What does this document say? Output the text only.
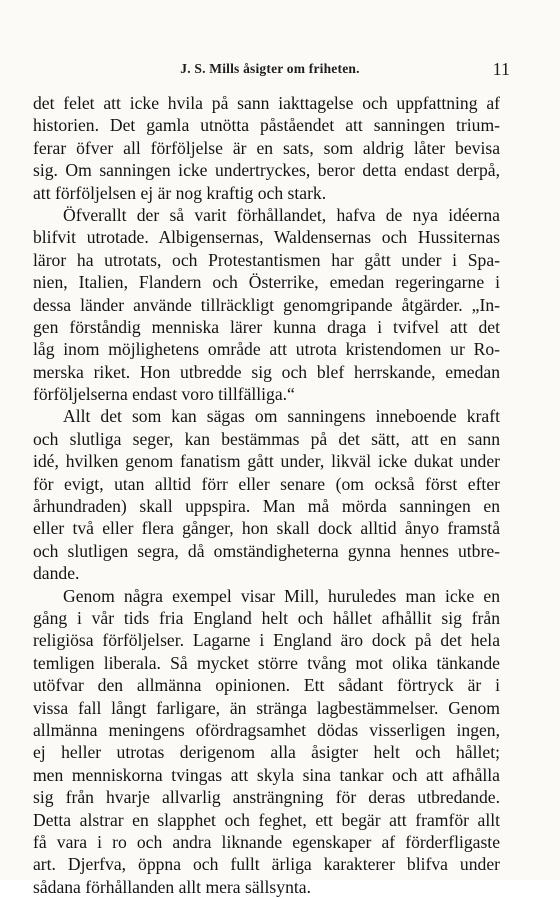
J. S. Mills åsigter om friheten.	11
det felet att icke hvila på sann iakttagelse och uppfattning af
historien. Det gamla utnötta påståendet att sanningen trium-
ferar öfver all förföljelse är en sats, som aldrig låter bevisa
sig. Om sanningen icke undertryckes, beror detta endast derpå,
att förföljelsen ej är nog kraftig och stark.
Öfverallt der så varit förhållandet, hafva de nya idéerna
blifvit utrotade. Albigensernas, Waldensernas och Hussiternas
läror ha utrotats, och Protestantismen har gått under i Spa-
nien, Italien, Flandern och Österrike, emedan regeringarne i
dessa länder använde tillräckligt genomgripande åtgärder. „In-
gen förståndig menniska lärer kunna draga i tvifvel att det
låg inom möjlighetens område att utrota kristendomen ur Ro-
merska riket. Hon utbredde sig och blef herrskande, emedan
förföljelserna endast voro tillfälliga.“
Allt det som kan sägas om sanningens inneboende kraft
och slutliga seger, kan bestämmas på det sätt, att en sann
idé, hvilken genom fanatism gått under, likväl icke dukat under
för evigt, utan alltid förr eller senare (om också först efter
århundraden) skall uppspira. Man må mörda sanningen en
eller två eller flera gånger, hon skall dock alltid ånyo framstå
och slutligen segra, då omständigheterna gynna hennes utbre-
dande.
Genom några exempel visar Mill, huruledes man icke en
gång i vår tids fria England helt och hållet afhållit sig från
religiösa förföljelser. Lagarne i England äro dock på det hela
temligen liberala. Så mycket större tvång mot olika tänkande
utöfvar den allmänna opinionen. Ett sådant förtryck är i
vissa fall långt farligare, än stränga lagbestämmelser. Genom
allmänna meningens ofördragsamhet dödas visserligen ingen,
ej heller utrotas derigenom alla åsigter helt och hållet;
men menniskorna tvingas att skyla sina tankar och att afhålla
sig från hvarje allvarlig ansträngning för deras utbredande.
Detta alstrar en slapphet och feghet, ett begär att framför allt
få vara i ro och andra liknande egenskaper af förderfligaste
art. Djerfva, öppna och fullt ärliga karakterer blifva under
sådana förhållanden allt mera sällsynta.
